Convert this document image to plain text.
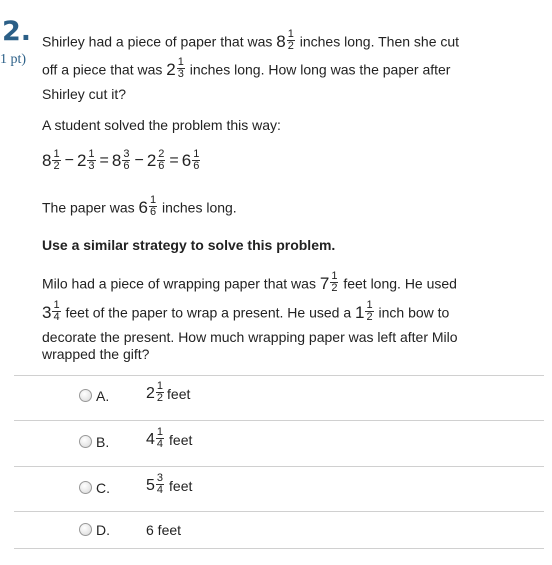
2.
1 pt)
Shirley had a piece of paper that was $8 \frac{1}{2}$ inches long. Then she cut
off a piece that was $2 \frac{1}{3}$ inches long. How long was the paper after
Shirley cut it?
A student solved the problem this way:
$8 \frac{1}{2} - 2 \frac{1}{3} = 8 \frac{3}{6} - 2 \frac{2}{6} = 6 \frac{1}{6}$
The paper was $6 \frac{1}{6}$ inches long.
Use a similar strategy to solve this problem.
Milo had a piece of wrapping paper that was $7 \frac{1}{2}$ feet long. He used
$3 \frac{1}{4}$ feet of the paper to wrap a present. He used a $1 \frac{1}{2}$ inch bow to
decorate the present. How much wrapping paper was left after Milo
wrapped the gift?
A. $2 \frac{1}{2}$ feet
B. $4 \frac{1}{4}$ feet
C. $5 \frac{3}{4}$ feet
D.	6 feet
